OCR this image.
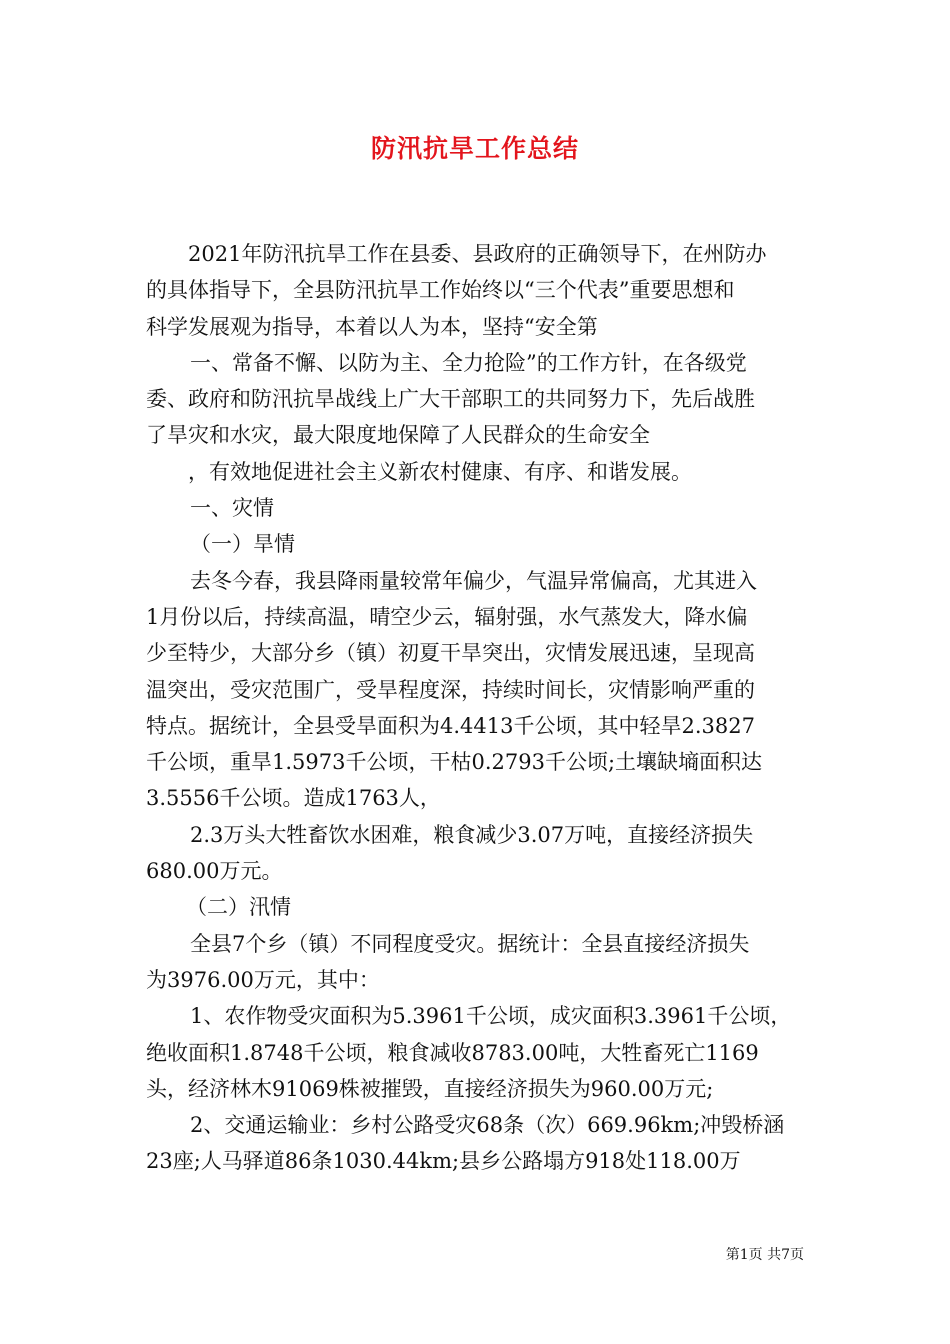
防汛抗旱工作总结
2021年防汛抗旱工作在县委、县政府的正确领导下，在州防办
的具体指导下，全县防汛抗旱工作始终以“三个代表”重要思想和
科学发展观为指导，本着以人为本，坚持“安全第
一、常备不懈、以防为主、全力抢险”的工作方针，在各级党
委、政府和防汛抗旱战线上广大干部职工的共同努力下，先后战胜
了旱灾和水灾，最大限度地保障了人民群众的生命安全
，有效地促进社会主义新农村健康、有序、和谐发展。
一、灾情
（一）旱情
去冬今春，我县降雨量较常年偏少，气温异常偏高，尤其进入
1月份以后，持续高温，晴空少云，辐射强，水气蒸发大，降水偏
少至特少，大部分乡（镇）初夏干旱突出，灾情发展迅速，呈现高
温突出，受灾范围广，受旱程度深，持续时间长，灾情影响严重的
特点。据统计，全县受旱面积为4.4413千公顷，其中轻旱2.3827
千公顷，重旱1.5973千公顷，干枯0.2793千公顷;土壤缺墒面积达
3.5556千公顷。造成1763人，
2.3万头大牲畜饮水困难，粮食减少3.07万吨，直接经济损失
680.00万元。
（二）汛情
全县7个乡（镇）不同程度受灾。据统计：全县直接经济损失
为3976.00万元，其中：
1、农作物受灾面积为5.3961千公顷，成灾面积3.3961千公顷，
绝收面积1.8748千公顷，粮食减收8783.00吨，大牲畜死亡1169
头，经济林木91069株被摧毁，直接经济损失为960.00万元;
2、交通运输业：乡村公路受灾68条（次）669.96km;冲毁桥涵
23座;人马驿道86条1030.44km;县乡公路塌方918处118.00万
第1页 共7页
